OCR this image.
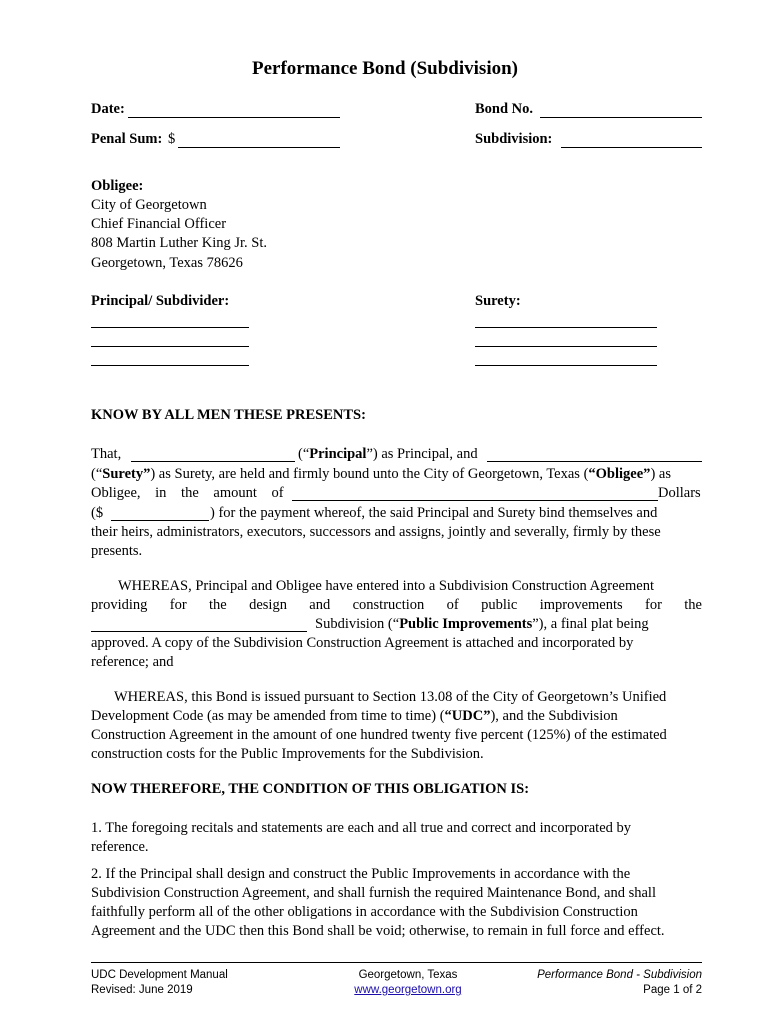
Performance Bond (Subdivision)
Date:	Bond No.
Penal Sum: $	Subdivision:
Obligee:
City of Georgetown
Chief Financial Officer
808 Martin Luther King Jr. St.
Georgetown, Texas 78626
Principal/ Subdivider:	Surety:
KNOW BY ALL MEN THESE PRESENTS:
That,	(“Principal”) as Principal, and
(“Surety”) as Surety, are held and firmly bound unto the City of Georgetown, Texas (“Obligee”) as
Obligee, in the amount of	Dollars
($	) for the payment whereof, the said Principal and Surety bind themselves and
their heirs, administrators, executors, successors and assigns, jointly and severally, firmly by these
presents.
WHEREAS, Principal and Obligee have entered into a Subdivision Construction Agreement
providing for the design and construction of public improvements for the
Subdivision (“Public Improvements”), a final plat being
approved. A copy of the Subdivision Construction Agreement is attached and incorporated by
reference; and
WHEREAS, this Bond is issued pursuant to Section 13.08 of the City of Georgetown’s Unified
Development Code (as may be amended from time to time) (“UDC”), and the Subdivision
Construction Agreement in the amount of one hundred twenty five percent (125%) of the estimated
construction costs for the Public Improvements for the Subdivision.
NOW THEREFORE, THE CONDITION OF THIS OBLIGATION IS:
1. The foregoing recitals and statements are each and all true and correct and incorporated by
reference.
2. If the Principal shall design and construct the Public Improvements in accordance with the
Subdivision Construction Agreement, and shall furnish the required Maintenance Bond, and shall
faithfully perform all of the other obligations in accordance with the Subdivision Construction
Agreement and the UDC then this Bond shall be void; otherwise, to remain in full force and effect.
UDC Development Manual
Revised: June 2019
Georgetown, Texas
www.georgetown.org
Performance Bond - Subdivision
Page 1 of 2
